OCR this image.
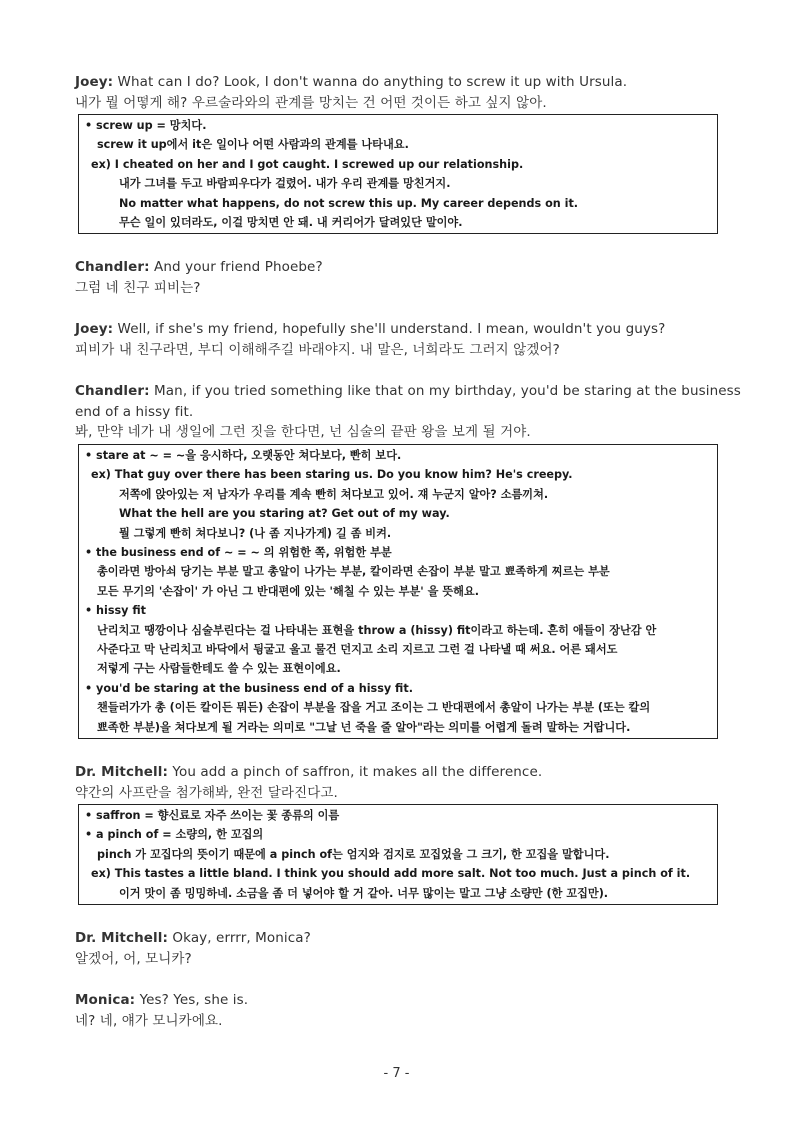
Joey: What can I do? Look, I don't wanna do anything to screw it up with Ursula.
내가 뭘 어떻게 해? 우르술라와의 관계를 망치는 건 어떤 것이든 하고 싶지 않아.
• screw up = 망치다.
screw it up에서 it은 일이나 어떤 사람과의 관계를 나타내요.
ex) I cheated on her and I got caught. I screwed up our relationship.
내가 그녀를 두고 바람피우다가 걸렸어. 내가 우리 관계를 망친거지.
No matter what happens, do not screw this up. My career depends on it.
무슨 일이 있더라도, 이걸 망치면 안 돼. 내 커리어가 달려있단 말이야.
Chandler: And your friend Phoebe?
그럼 네 친구 피비는?
Joey: Well, if she's my friend, hopefully she'll understand. I mean, wouldn't you guys?
피비가 내 친구라면, 부디 이해해주길 바래야지. 내 말은, 너희라도 그러지 않겠어?
Chandler: Man, if you tried something like that on my birthday, you'd be staring at the business
end of a hissy fit.
봐, 만약 네가 내 생일에 그런 짓을 한다면, 넌 심술의 끝판 왕을 보게 될 거야.
• stare at ~ = ~을 응시하다, 오랫동안 쳐다보다, 빤히 보다.
ex) That guy over there has been staring us. Do you know him? He's creepy.
저쪽에 앉아있는 저 남자가 우리를 계속 빤히 쳐다보고 있어. 쟤 누군지 알아? 소름끼쳐.
What the hell are you staring at? Get out of my way.
뭘 그렇게 빤히 쳐다보니? (나 좀 지나가게) 길 좀 비켜.
• the business end of ~ = ~ 의 위험한 쪽, 위험한 부분
총이라면 방아쇠 당기는 부분 말고 총알이 나가는 부분, 칼이라면 손잡이 부분 말고 뾰족하게 찌르는 부분
모든 무기의 '손잡이' 가 아닌 그 반대편에 있는 '해칠 수 있는 부분' 을 뜻해요.
• hissy fit
난리치고 땡깡이나 심술부린다는 걸 나타내는 표현을 throw a (hissy) fit이라고 하는데. 흔히 애들이 장난감 안
사준다고 막 난리치고 바닥에서 뒹굴고 울고 물건 던지고 소리 지르고 그런 걸 나타낼 때 써요. 어른 돼서도
저렇게 구는 사람들한테도 쓸 수 있는 표현이에요.
• you'd be staring at the business end of a hissy fit.
챈들러가가 총 (이든 칼이든 뭐든) 손잡이 부분을 잡을 거고 조이는 그 반대편에서 총알이 나가는 부분 (또는 칼의
뾰족한 부분)을 쳐다보게 될 거라는 의미로 "그날 넌 죽을 줄 알아"라는 의미를 어렵게 돌려 말하는 거랍니다.
Dr. Mitchell: You add a pinch of saffron, it makes all the difference.
약간의 사프란을 첨가해봐, 완전 달라진다고.
• saffron = 향신료로 자주 쓰이는 꽃 종류의 이름
• a pinch of = 소량의, 한 꼬집의
pinch 가 꼬집다의 뜻이기 때문에 a pinch of는 엄지와 검지로 꼬집었을 그 크기, 한 꼬집을 말합니다.
ex) This tastes a little bland. I think you should add more salt. Not too much. Just a pinch of it.
이거 맛이 좀 밍밍하네. 소금을 좀 더 넣어야 할 거 같아. 너무 많이는 말고 그냥 소량만 (한 꼬집만).
Dr. Mitchell: Okay, errrr, Monica?
알겠어, 어, 모니카?
Monica: Yes? Yes, she is.
네? 네, 얘가 모니카에요.
- 7 -
